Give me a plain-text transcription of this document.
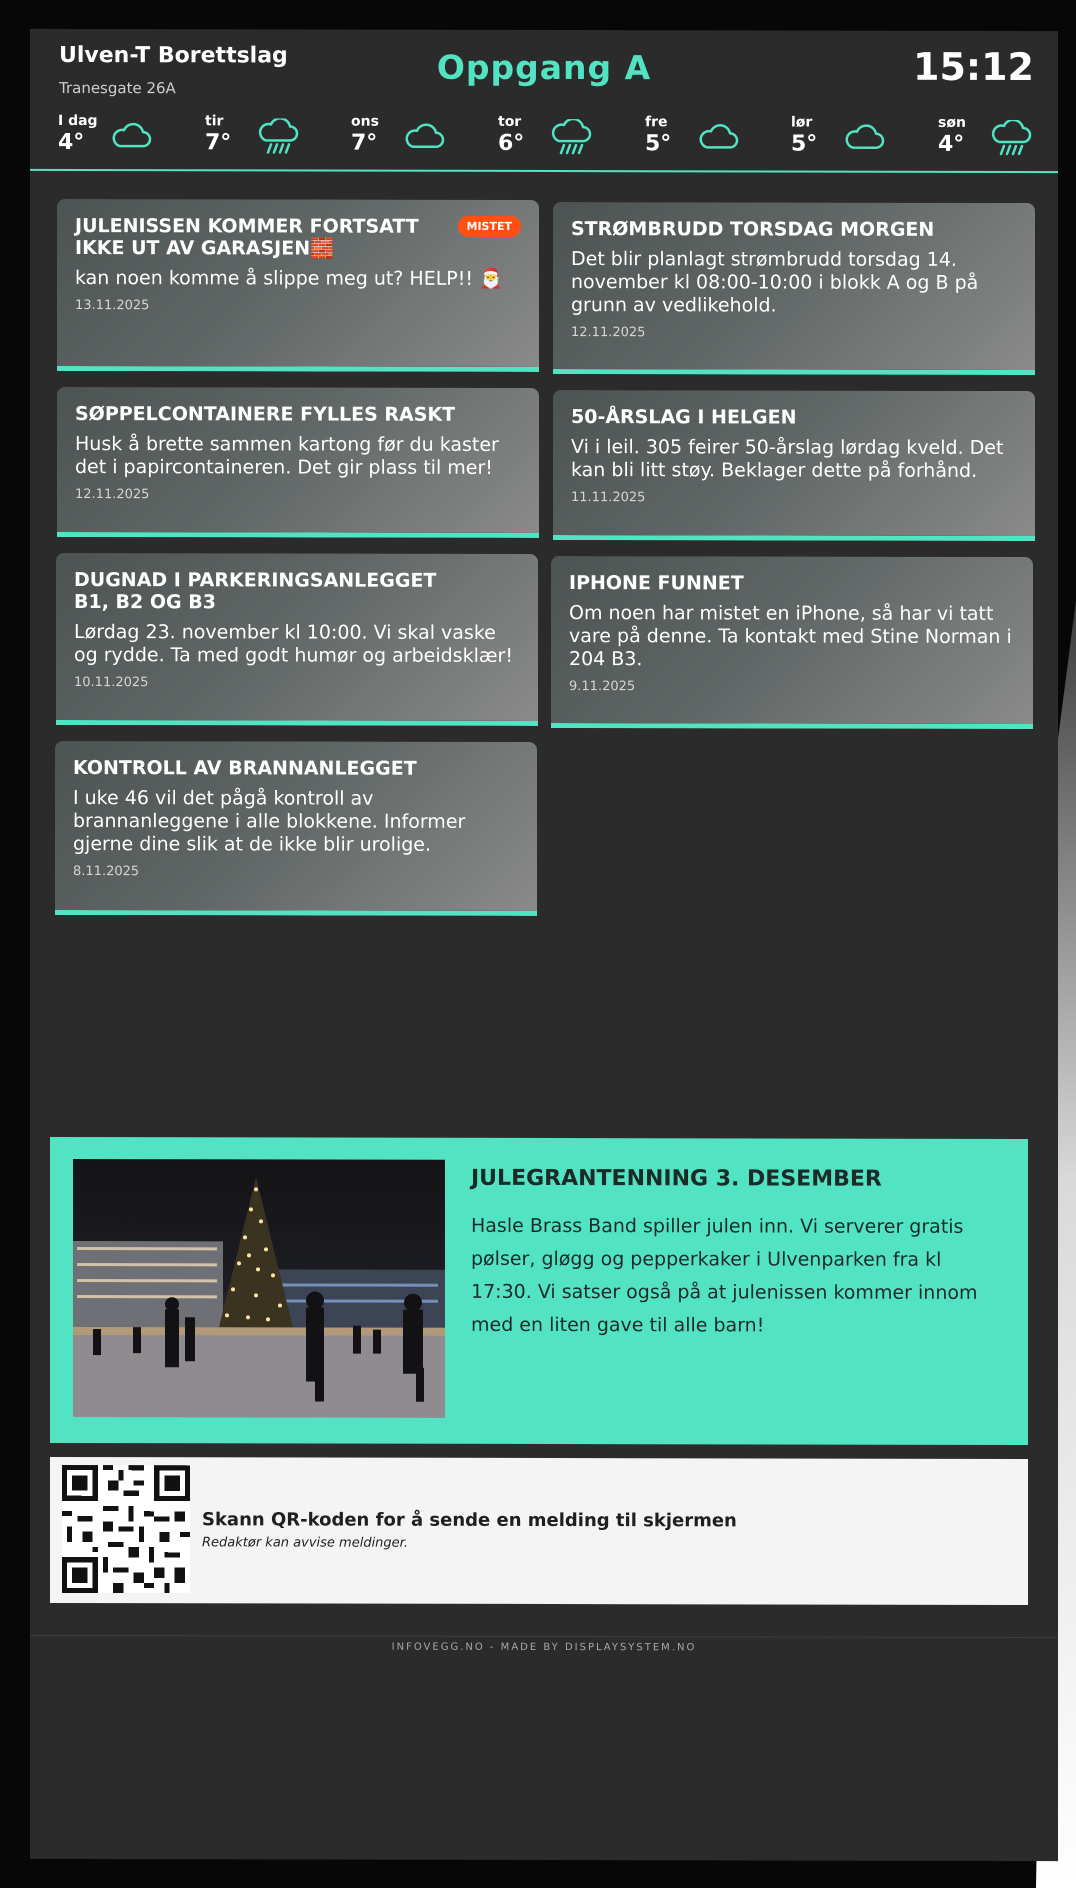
Ulven-T Borettslag
Tranesgate 26A
Oppgang A	15:12
I dag
4°
tir
7°
ons
7°
tor
6°
fre
5°
lør
5°
søn
4°
MISTET
JULENISSEN KOMMER FORTSATT IKKE UT AV GARASJEN🧱
kan noen komme å slippe meg ut? HELP!! 🎅
13.11.2025
STRØMBRUDD TORSDAG MORGEN
Det blir planlagt strømbrudd torsdag 14. november kl 08:00-10:00 i blokk A og B på grunn av vedlikehold.
12.11.2025
SØPPELCONTAINERE FYLLES RASKT
Husk å brette sammen kartong før du kaster det i papircontaineren. Det gir plass til mer!
12.11.2025
50-ÅRSLAG I HELGEN
Vi i leil. 305 feirer 50-årslag lørdag kveld. Det kan bli litt støy. Beklager dette på forhånd.
11.11.2025
DUGNAD I PARKERINGSANLEGGET B1, B2 OG B3
Lørdag 23. november kl 10:00. Vi skal vaske og rydde. Ta med godt humør og arbeidsklær!
10.11.2025
IPHONE FUNNET
Om noen har mistet en iPhone, så har vi tatt vare på denne. Ta kontakt med Stine Norman i 204 B3.
9.11.2025
KONTROLL AV BRANNANLEGGET
I uke 46 vil det pågå kontroll av brannanleggene i alle blokkene. Informer gjerne dine slik at de ikke blir urolige.
8.11.2025
JULEGRANTENNING 3. DESEMBER
Hasle Brass Band spiller julen inn. Vi serverer gratis pølser, gløgg og pepperkaker i Ulvenparken fra kl 17:30. Vi satser også på at julenissen kommer innom med en liten gave til alle barn!
Skann QR-koden for å sende en melding til skjermen
Redaktør kan avvise meldinger.
INFOVEGG.NO - MADE BY DISPLAYSYSTEM.NO
